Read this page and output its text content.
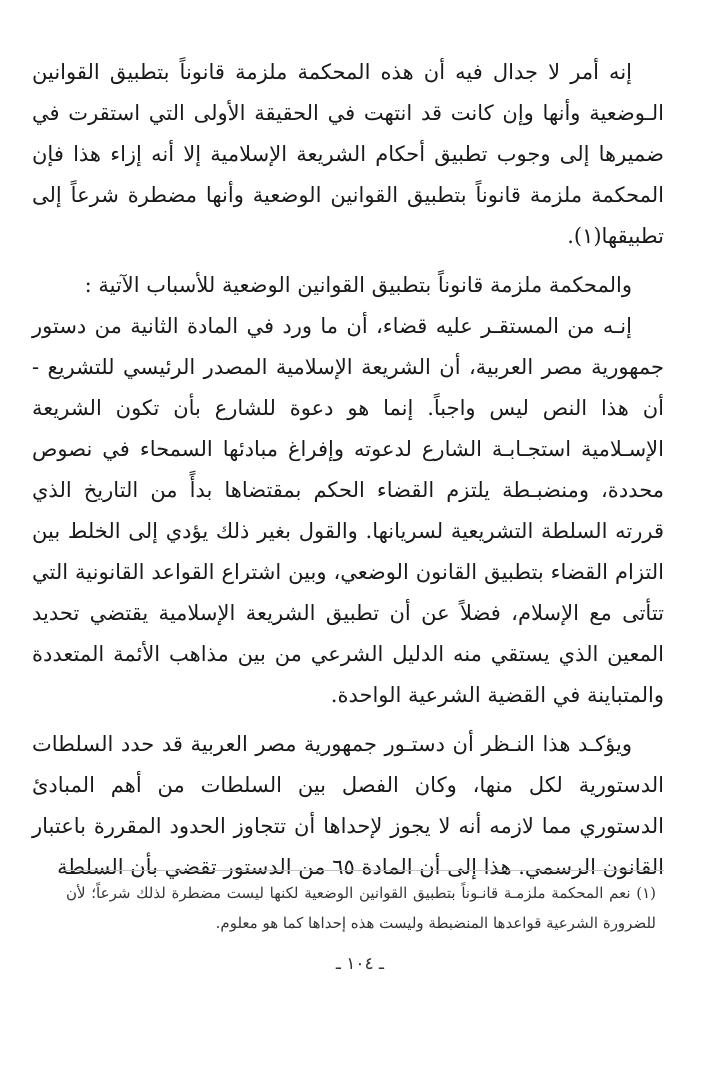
إنه أمر لا جدال فيه أن هذه المحكمة ملزمة قانوناً بتطبيق القوانين الـوضعية وأنها وإن كانت قد انتهت في الحقيقة الأولى التي استقرت في ضميرها إلى وجوب تطبيق أحكام الشريعة الإسلامية إلا أنه إزاء هذا فإن المحكمة ملزمة قانوناً بتطبيق القوانين الوضعية وأنها مضطرة شرعاً إلى تطبيقها(١).

والمحكمة ملزمة قانوناً بتطبيق القوانين الوضعية للأسباب الآتية :

إنـه من المستقـر عليه قضاء، أن ما ورد في المادة الثانية من دستور جمهورية مصر العربية، أن الشريعة الإسلامية المصدر الرئيسي للتشريع - أن هذا النص ليس واجباً. إنما هو دعوة للشارع بأن تكون الشريعة الإسـلامية استجـابـة الشارع لدعوته وإفراغ مبادئها السمحاء في نصوص محددة، ومنضبـطة يلتزم القضاء الحكم بمقتضاها بدأً من التاريخ الذي قررته السلطة التشريعية لسريانها. والقول بغير ذلك يؤدي إلى الخلط بين التزام القضاء بتطبيق القانون الوضعي، وبين اشتراع القواعد القانونية التي تتأتى مع الإسلام، فضلاً عن أن تطبيق الشريعة الإسلامية يقتضي تحديد المعين الذي يستقي منه الدليل الشرعي من بين مذاهب الأئمة المتعددة والمتباينة في القضية الشرعية الواحدة.

ويؤكـد هذا النـظر أن دستـور جمهورية مصر العربية قد حدد السلطات الدستورية لكل منها، وكان الفصل بين السلطات من أهم المبادئ الدستوري مما لازمه أنه لا يجوز لإحداها أن تتجاوز الحدود المقررة باعتبار القانون الرسمي. هذا إلى أن المادة ٦٥ من الدستور تقضي بأن السلطة

(١) نعم المحكمة ملزمـة قانـوناً بتطبيق القوانين الوضعية لكنها ليست مضطرة لذلك شرعاً؛ لأن للضرورة الشرعية قواعدها المنضبطة وليست هذه إحداها كما هو معلوم.

ـ ١٠٤ ـ
